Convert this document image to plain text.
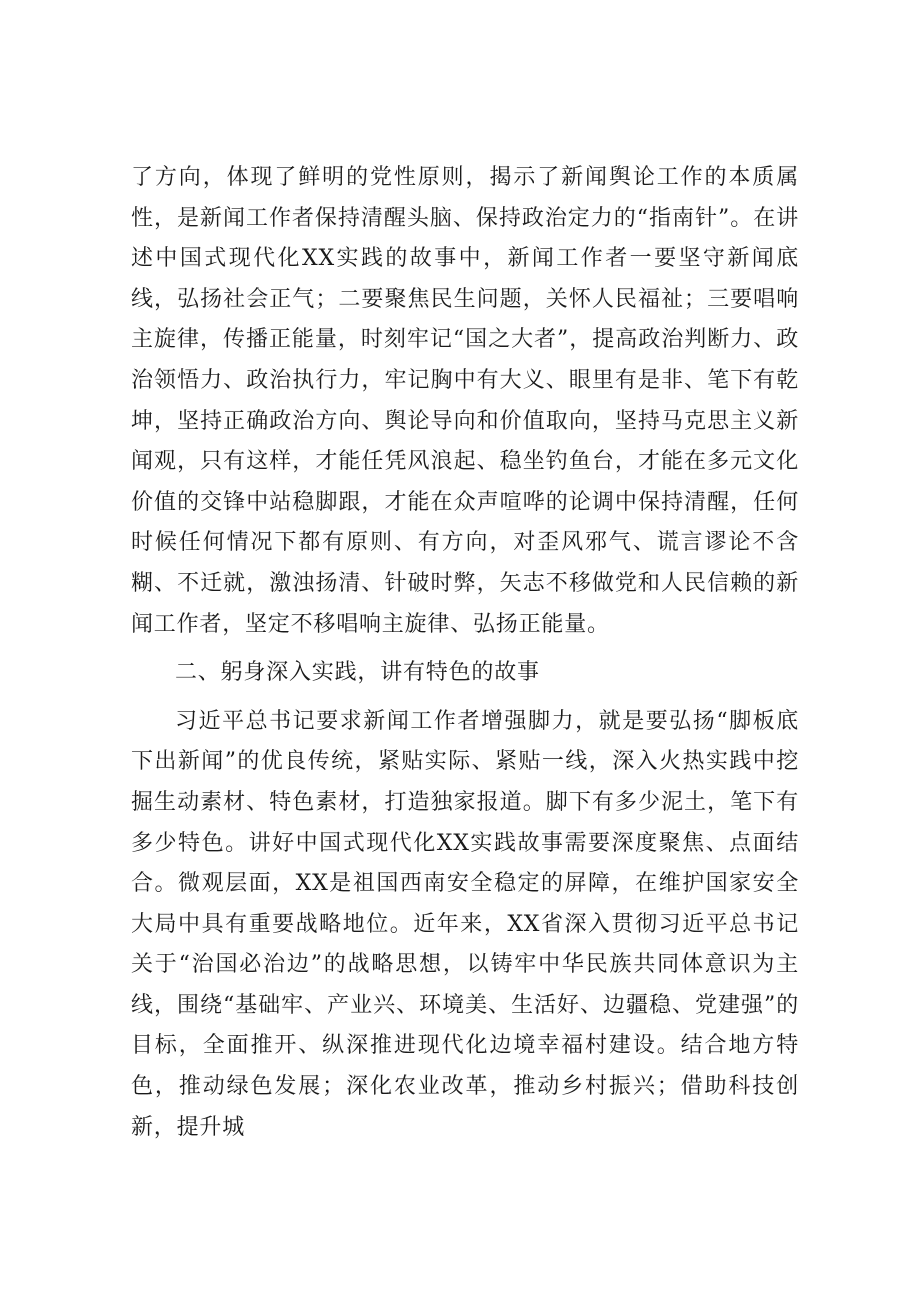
了方向，体现了鲜明的党性原则，揭示了新闻舆论工作的本质属性，是新闻工作者保持清醒头脑、保持政治定力的“指南针”。在讲述中国式现代化XX实践的故事中，新闻工作者一要坚守新闻底线，弘扬社会正气；二要聚焦民生问题，关怀人民福祉；三要唱响主旋律，传播正能量，时刻牢记“国之大者”，提高政治判断力、政治领悟力、政治执行力，牢记胸中有大义、眼里有是非、笔下有乾坤，坚持正确政治方向、舆论导向和价值取向，坚持马克思主义新闻观，只有这样，才能任凭风浪起、稳坐钓鱼台，才能在多元文化价值的交锋中站稳脚跟，才能在众声喧哗的论调中保持清醒，任何时候任何情况下都有原则、有方向，对歪风邪气、谎言谬论不含糊、不迁就，激浊扬清、针破时弊，矢志不移做党和人民信赖的新闻工作者，坚定不移唱响主旋律、弘扬正能量。

二、躬身深入实践，讲有特色的故事

习近平总书记要求新闻工作者增强脚力，就是要弘扬“脚板底下出新闻”的优良传统，紧贴实际、紧贴一线，深入火热实践中挖掘生动素材、特色素材，打造独家报道。脚下有多少泥土，笔下有多少特色。讲好中国式现代化XX实践故事需要深度聚焦、点面结合。微观层面，XX是祖国西南安全稳定的屏障，在维护国家安全大局中具有重要战略地位。近年来，XX省深入贯彻习近平总书记关于“治国必治边”的战略思想，以铸牢中华民族共同体意识为主线，围绕“基础牢、产业兴、环境美、生活好、边疆稳、党建强”的目标，全面推开、纵深推进现代化边境幸福村建设。结合地方特色，推动绿色发展；深化农业改革，推动乡村振兴；借助科技创新，提升城
